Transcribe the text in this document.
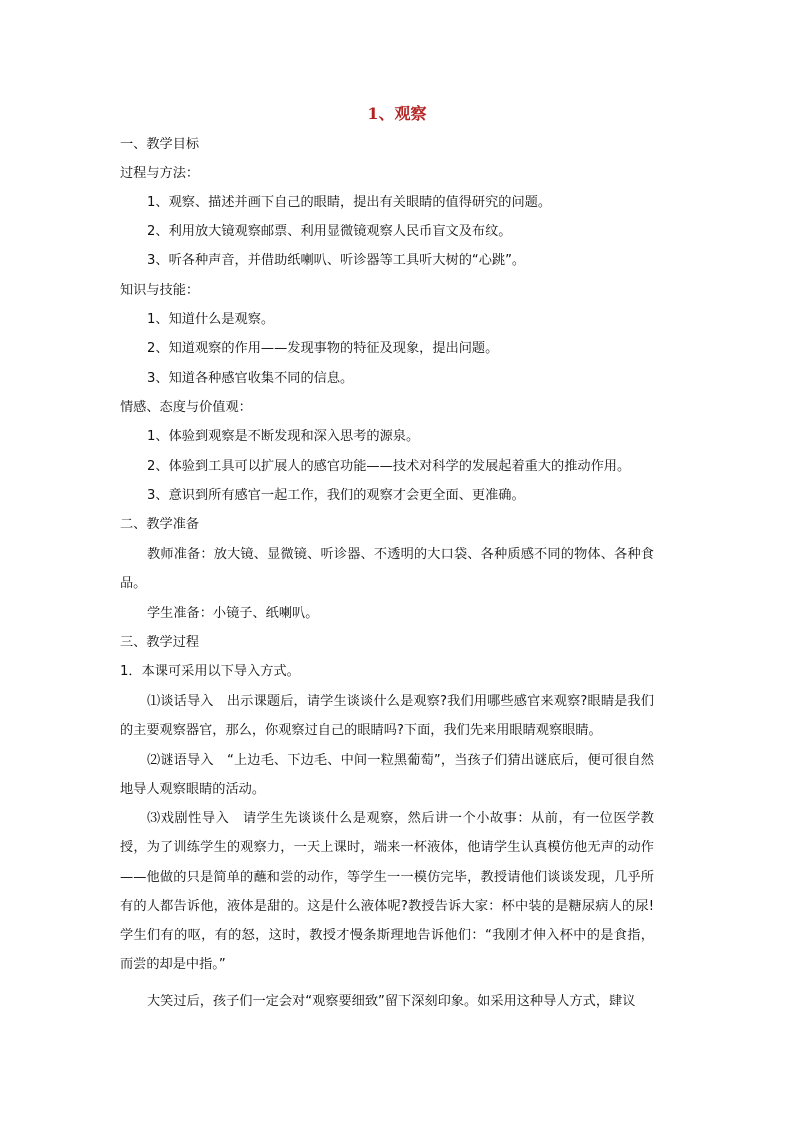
1、观察
一、教学目标
过程与方法：
1、观察、描述并画下自己的眼睛，提出有关眼睛的值得研究的问题。
2、利用放大镜观察邮票、利用显微镜观察人民币盲文及布纹。
3、听各种声音，并借助纸喇叭、听诊器等工具听大树的“心跳”。
知识与技能：
1、知道什么是观察。
2、知道观察的作用——发现事物的特征及现象，提出问题。
3、知道各种感官收集不同的信息。
情感、态度与价值观：
1、体验到观察是不断发现和深入思考的源泉。
2、体验到工具可以扩展人的感官功能——技术对科学的发展起着重大的推动作用。
3、意识到所有感官一起工作，我们的观察才会更全面、更准确。
二、教学准备
教师准备：放大镜、显微镜、听诊器、不透明的大口袋、各种质感不同的物体、各种食品。
学生准备：小镜子、纸喇叭。
三、教学过程
1．本课可采用以下导入方式。
⑴谈话导入　出示课题后，请学生谈谈什么是观察?我们用哪些感官来观察?眼睛是我们的主要观察器官，那么，你观察过自己的眼睛吗?下面，我们先来用眼睛观察眼睛。
⑵谜语导入　“上边毛、下边毛、中间一粒黑葡萄”，当孩子们猜出谜底后，便可很自然地导人观察眼睛的活动。
⑶戏剧性导入　请学生先谈谈什么是观察，然后讲一个小故事：从前，有一位医学教授，为了训练学生的观察力，一天上课时，端来一杯液体，他请学生认真模仿他无声的动作——他做的只是简单的蘸和尝的动作，等学生一一模仿完毕，教授请他们谈谈发现，几乎所有的人都告诉他，液体是甜的。这是什么液体呢?教授告诉大家：杯中装的是糖尿病人的尿!学生们有的呕，有的怒，这时，教授才慢条斯理地告诉他们：“我刚才伸入杯中的是食指，而尝的却是中指。”
大笑过后，孩子们一定会对“观察要细致”留下深刻印象。如采用这种导人方式，肆议
